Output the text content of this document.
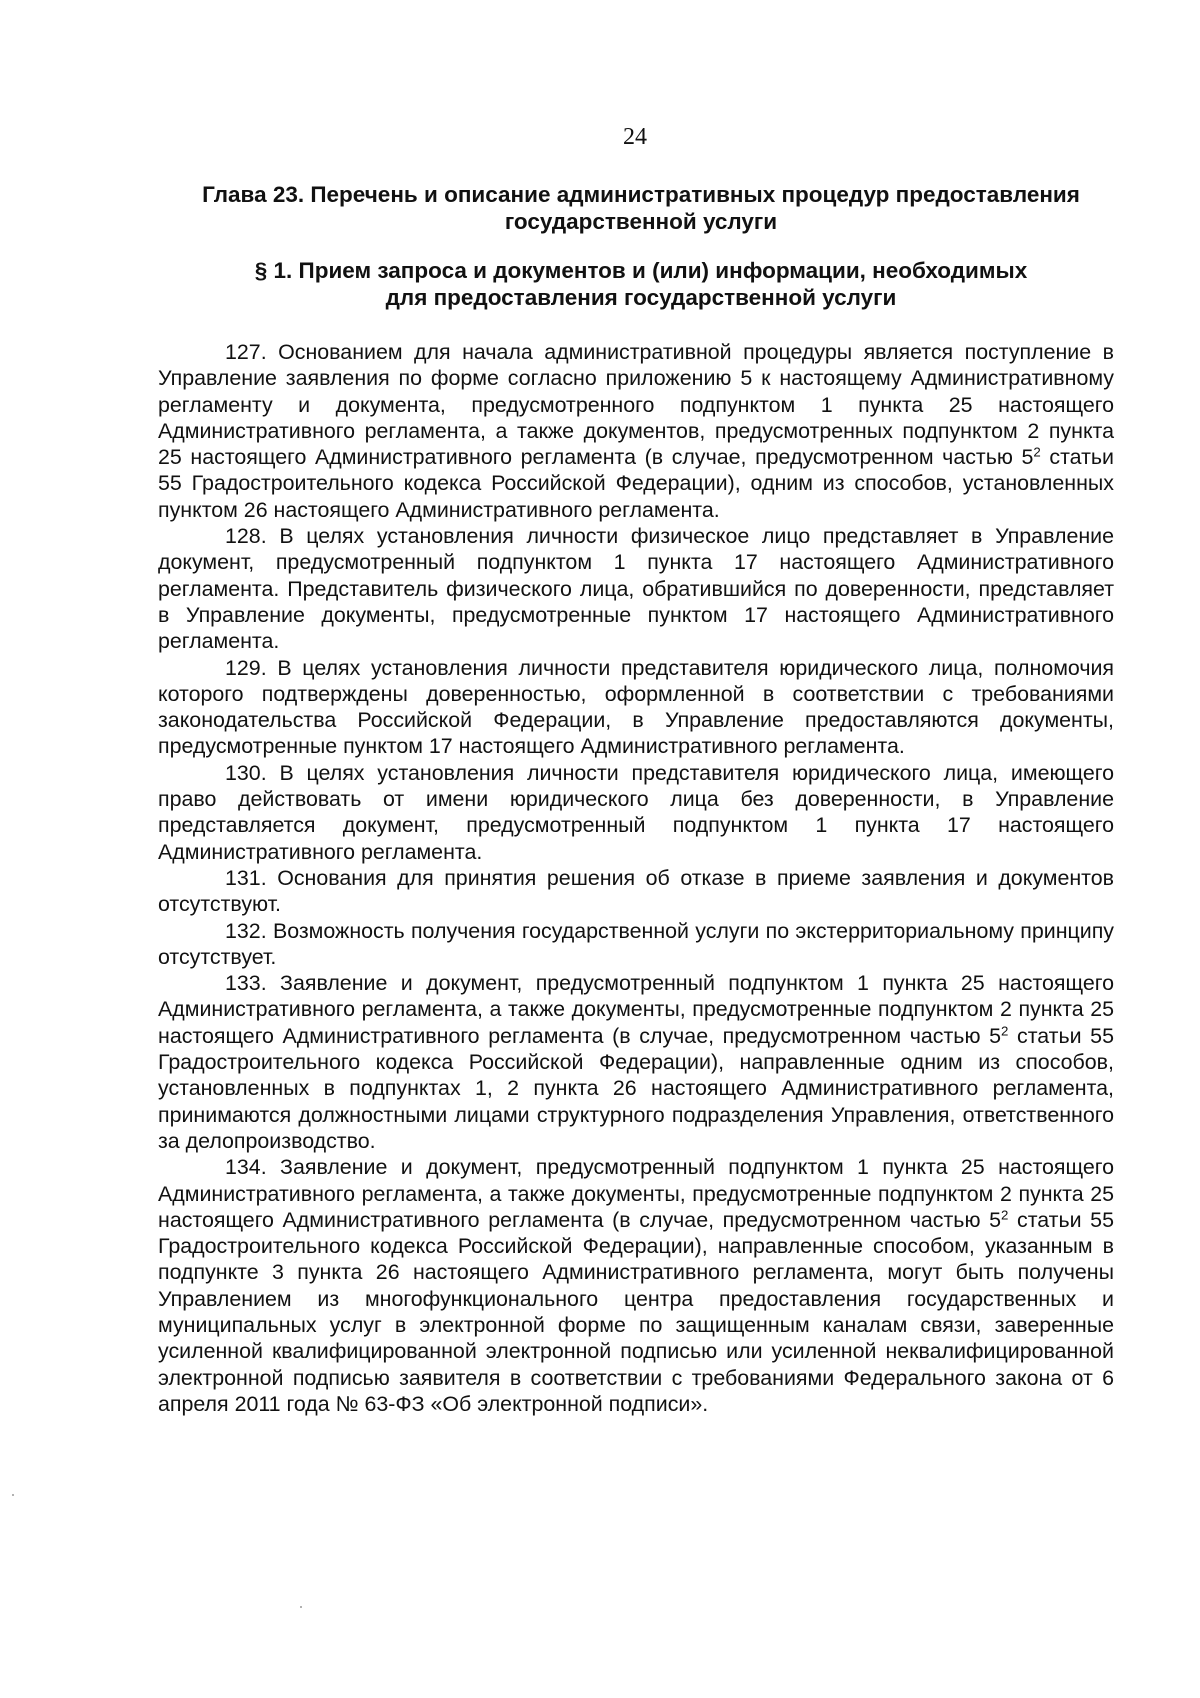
24
Глава 23. Перечень и описание административных процедур предоставления
государственной услуги
§ 1. Прием запроса и документов и (или) информации, необходимых
для предоставления государственной услуги

127. Основанием для начала административной процедуры является поступление в Управление заявления по форме согласно приложению 5 к настоящему Административному регламенту и документа, предусмотренного подпунктом 1 пункта 25 настоящего Административного регламента, а также документов, предусмотренных подпунктом 2 пункта 25 настоящего Административного регламента (в случае, предусмотренном частью $5^2$ статьи 55 Градостроительного кодекса Российской Федерации), одним из способов, установленных пунктом 26 настоящего Административного регламента.

128. В целях установления личности физическое лицо представляет в Управление документ, предусмотренный подпунктом 1 пункта 17 настоящего Административного регламента. Представитель физического лица, обратившийся по доверенности, представляет в Управление документы, предусмотренные пунктом 17 настоящего Административного регламента.

129. В целях установления личности представителя юридического лица, полномочия которого подтверждены доверенностью, оформленной в соответствии с требованиями законодательства Российской Федерации, в Управление предоставляются документы, предусмотренные пунктом 17 настоящего Административного регламента.

130. В целях установления личности представителя юридического лица, имеющего право действовать от имени юридического лица без доверенности, в Управление представляется документ, предусмотренный подпунктом 1 пункта 17 настоящего Административного регламента.

131. Основания для принятия решения об отказе в приеме заявления и документов отсутствуют.

132. Возможность получения государственной услуги по экстерриториальному принципу отсутствует.

133. Заявление и документ, предусмотренный подпунктом 1 пункта 25 настоящего Административного регламента, а также документы, предусмотренные подпунктом 2 пункта 25 настоящего Административного регламента (в случае, предусмотренном частью $5^2$ статьи 55 Градостроительного кодекса Российской Федерации), направленные одним из способов, установленных в подпунктах 1, 2 пункта 26 настоящего Административного регламента, принимаются должностными лицами структурного подразделения Управления, ответственного за делопроизводство.

134. Заявление и документ, предусмотренный подпунктом 1 пункта 25 настоящего Административного регламента, а также документы, предусмотренные подпунктом 2 пункта 25 настоящего Административного регламента (в случае, предусмотренном частью $5^2$ статьи 55 Градостроительного кодекса Российской Федерации), направленные способом, указанным в подпункте 3 пункта 26 настоящего Административного регламента, могут быть получены Управлением из многофункционального центра предоставления государственных и муниципальных услуг в электронной форме по защищенным каналам связи, заверенные усиленной квалифицированной электронной подписью или усиленной неквалифицированной электронной подписью заявителя в соответствии с требованиями Федерального закона от 6 апреля 2011 года № 63-ФЗ «Об электронной подписи».
